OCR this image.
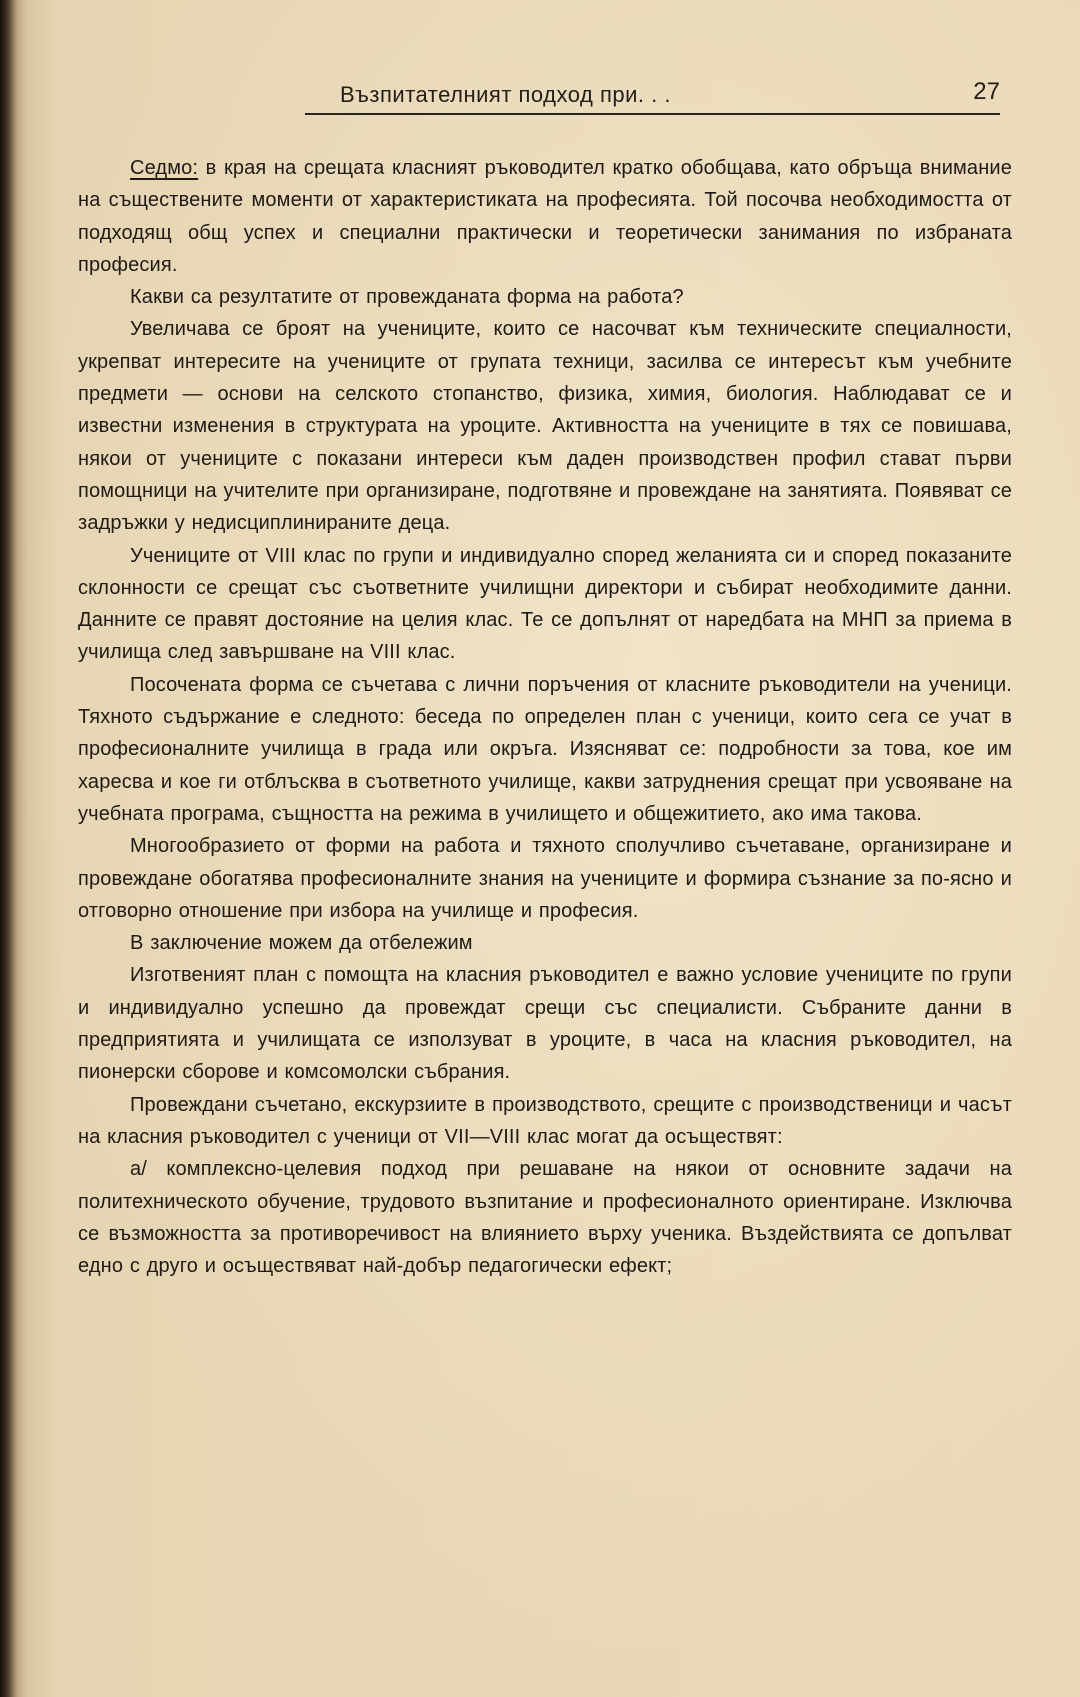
Възпитателният подход при. . .	27

Седмо: в края на срещата класният ръководител кратко обобщава, като обръща внимание на съществените моменти от характеристиката на професията. Той посочва необходимостта от подходящ общ успех и специални практически и теоретически занимания по избраната професия.

Какви са резултатите от провежданата форма на работа?

Увеличава се броят на учениците, които се насочват към техническите специалности, укрепват интересите на учениците от групата техници, засилва се интересът към учебните предмети — основи на селското стопанство, физика, химия, биология. Наблюдават се и известни изменения в структурата на уроците. Активността на учениците в тях се повишава, някои от учениците с показани интереси към даден производствен профил стават първи помощници на учителите при организиране, подготвяне и провеждане на занятията. Появяват се задръжки у недисциплинираните деца.

Учениците от VIII клас по групи и индивидуално според желанията си и според показаните склонности се срещат със съответните училищни директори и събират необходимите данни. Данните се правят достояние на целия клас. Те се допълнят от наредбата на МНП за приема в училища след завършване на VIII клас.

Посочената форма се съчетава с лични поръчения от класните ръководители на ученици. Тяхното съдържание е следното: беседа по определен план с ученици, които сега се учат в професионалните училища в града или окръга. Изясняват се: подробности за това, кое им харесва и кое ги отблъсква в съответното училище, какви затруднения срещат при усвояване на учебната програма, същността на режима в училището и общежитието, ако има такова.

Многообразието от форми на работа и тяхното сполучливо съчетаване, организиране и провеждане обогатява професионалните знания на учениците и формира съзнание за по-ясно и отговорно отношение при избора на училище и професия.

В заключение можем да отбележим

Изготвеният план с помощта на класния ръководител е важно условие учениците по групи и индивидуално успешно да провеждат срещи със специалисти. Събраните данни в предприятията и училищата се използуват в уроците, в часа на класния ръководител, на пионерски сборове и комсомолски събрания.

Провеждани съчетано, екскурзиите в производството, срещите с производственици и часът на класния ръководител с ученици от VII—VIII клас могат да осъществят:

а/ комплексно-целевия подход при решаване на някои от основните задачи на политехническото обучение, трудовото възпитание и професионалното ориентиране. Изключва се възможността за противоречивост на влиянието върху ученика. Въздействията се допълват едно с друго и осъществяват най-добър педагогически ефект;
